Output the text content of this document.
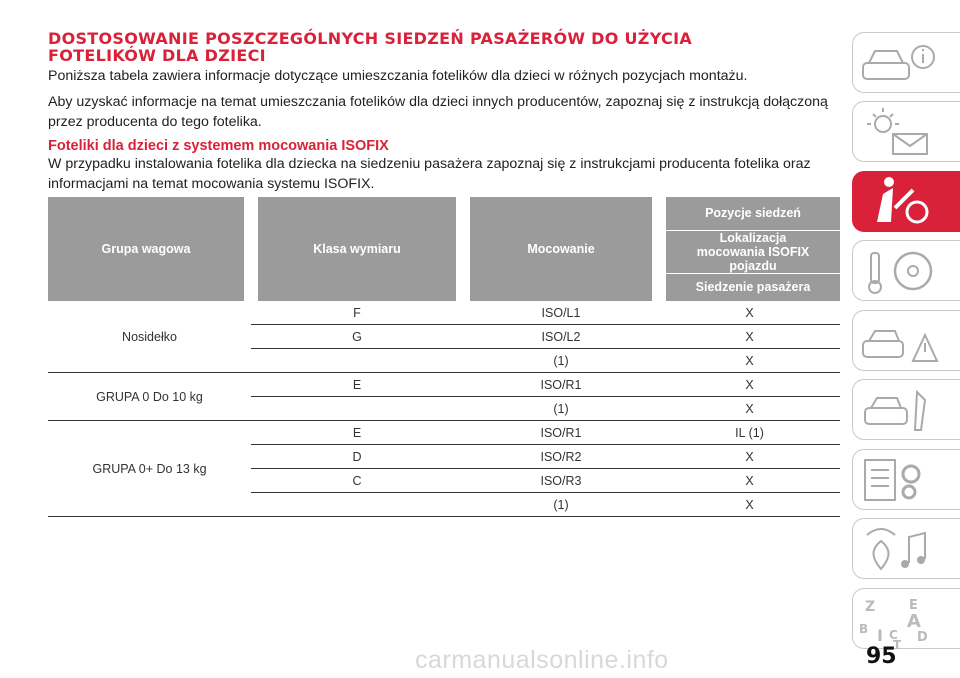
DOSTOSOWANIE POSZCZEGÓLNYCH SIEDZEŃ PASAŻERÓW DO UŻYCIA
FOTELIKÓW DLA DZIECI

Poniższa tabela zawiera informacje dotyczące umieszczania fotelików dla dzieci w różnych pozycjach montażu.

Aby uzyskać informacje na temat umieszczania fotelików dla dzieci innych producentów, zapoznaj się z instrukcją dołączoną przez producenta do tego fotelika.

Foteliki dla dzieci z systemem mocowania ISOFIX

W przypadku instalowania fotelika dla dziecka na siedzeniu pasażera zapoznaj się z instrukcjami producenta fotelika oraz informacjami na temat mocowania systemu ISOFIX.

Grupa wagowa	Klasa wymiaru	Mocowanie	Pozycje siedzeń
			Lokalizacja mocowania ISOFIX pojazdu
			Siedzenie pasażera
Nosidełko	F	ISO/L1	X
	G	ISO/L2	X
		(1)	X
GRUPA 0 Do 10 kg	E	ISO/R1	X
		(1)	X
GRUPA 0+ Do 13 kg	E	ISO/R1	IL (1)
	D	ISO/R2	X
	C	ISO/R3	X
		(1)	X
Z	E
B A
I C D
T
95
carmanualsonline.info
